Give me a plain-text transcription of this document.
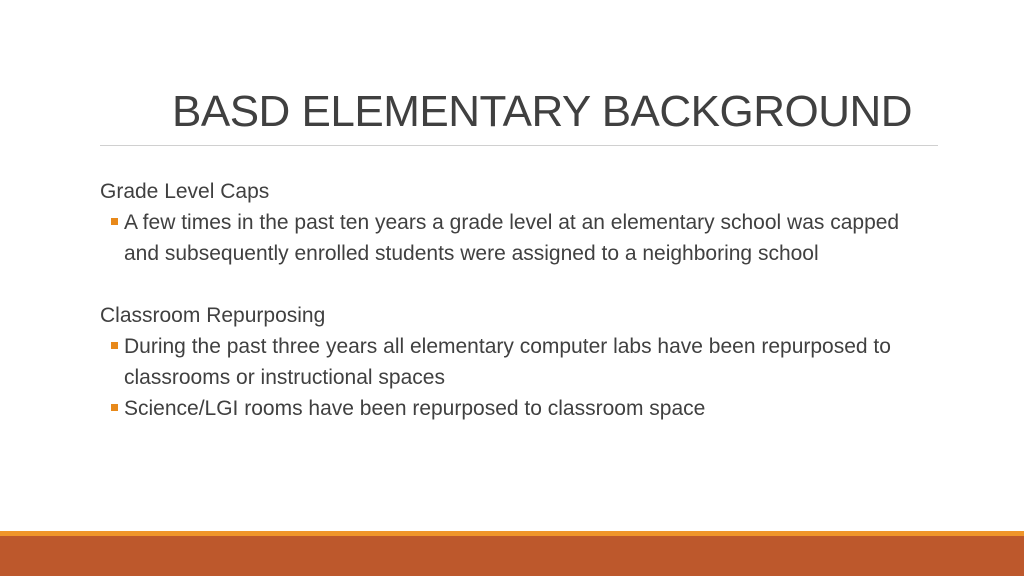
BASD ELEMENTARY BACKGROUND

Grade Level Caps

A few times in the past ten years a grade level at an elementary school was capped and subsequently enrolled students were assigned to a neighboring school

Classroom Repurposing

During the past three years all elementary computer labs have been repurposed to classrooms or instructional spaces
Science/LGI rooms have been repurposed to classroom space
